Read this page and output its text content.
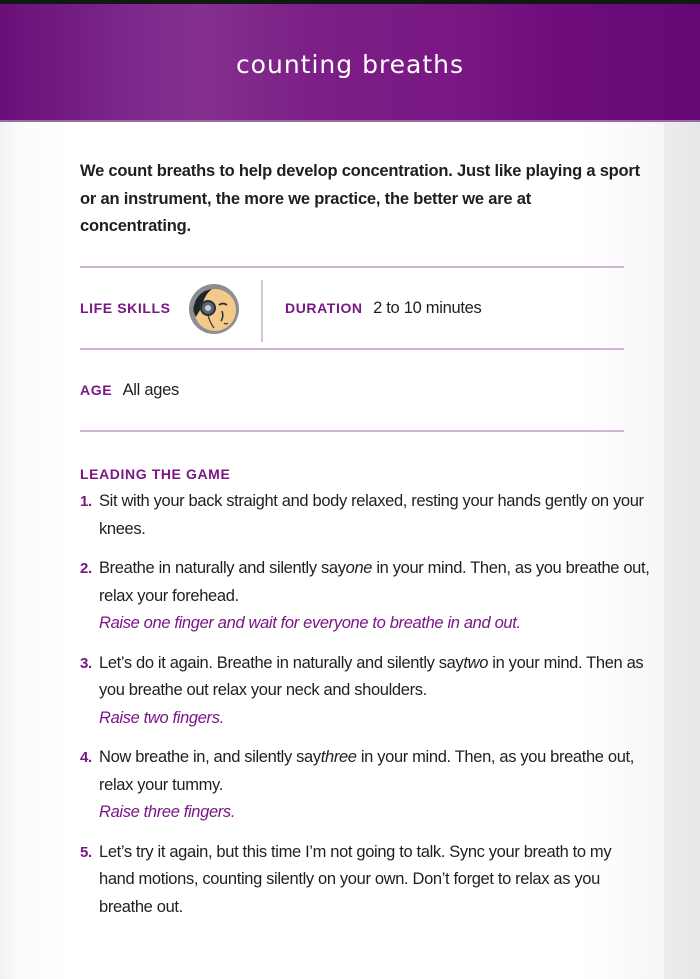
counting breaths

We count breaths to help develop concentration. Just like playing a sport or an instrument, the more we practice, the better we are at concentrating.

LIFE SKILLS	DURATION 2 to 10 minutes
AGE All ages
LEADING THE GAME
1 . Sit with your back straight and body relaxed, resting your hands gently on your knees.
2 . Breathe in naturally and silently sayone in your mind. Then, as you breathe out, relax your forehead.
Raise one finger and wait for everyone to breathe in and out.
3 . Let’s do it again. Breathe in naturally and silently saytwo in your mind. Then as you breathe out relax your neck and shoulders.
Raise two fingers.
4 . Now breathe in, and silently saythree in your mind. Then, as you breathe out, relax your tummy.
Raise three fingers.
5 . Let’s try it again, but this time I’m not going to talk. Sync your breath to my hand motions, counting silently on your own. Don’t forget to relax as you breathe out.
